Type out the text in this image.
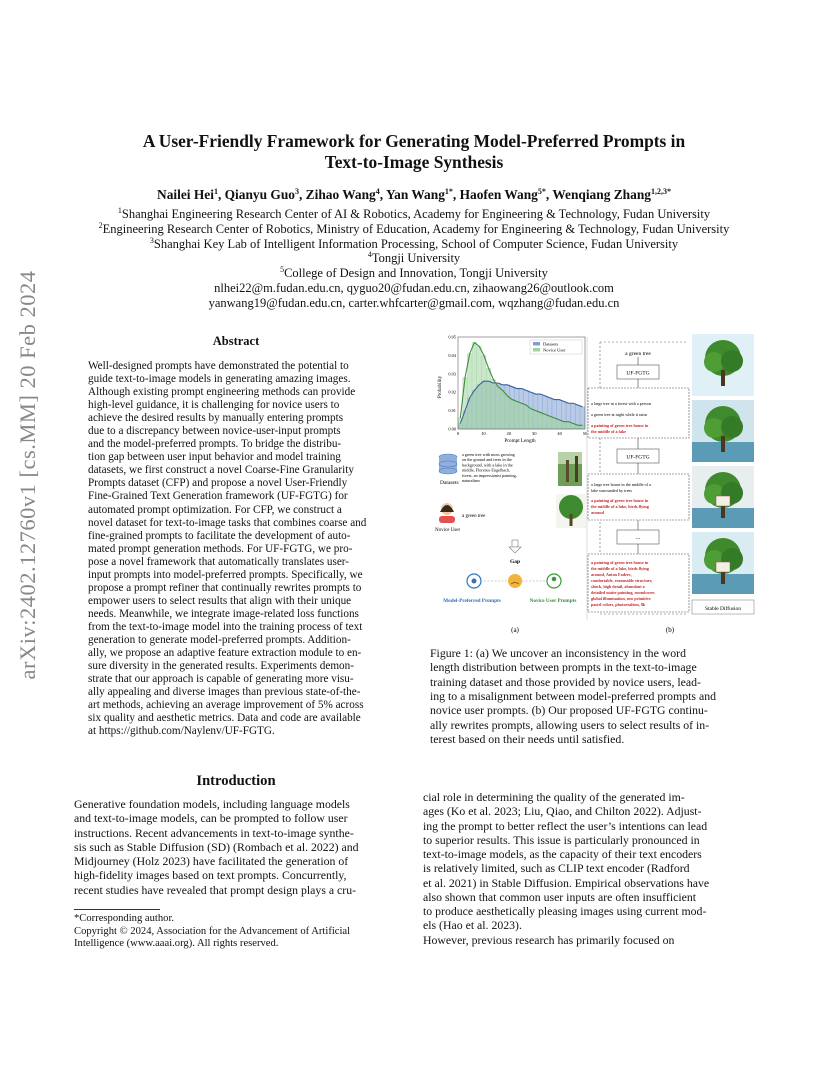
arXiv:2402.12760v1 [cs.MM] 20 Feb 2024
A User-Friendly Framework for Generating Model-Preferred Prompts in
Text-to-Image Synthesis
Nailei Hei$^1$, Qianyu Guo$^3$, Zihao Wang$^4$, Yan Wang$^{1*}$, Haofen Wang$^{5*}$, Wenqiang Zhang$^{1,2,3*}$
$^1$Shanghai Engineering Research Center of AI & Robotics, Academy for Engineering & Technology, Fudan University
$^2$Engineering Research Center of Robotics, Ministry of Education, Academy for Engineering & Technology, Fudan University
$^3$Shanghai Key Lab of Intelligent Information Processing, School of Computer Science, Fudan University
$^4$Tongji University
$^5$College of Design and Innovation, Tongji University
nlhei22@m.fudan.edu.cn, qyguo20@fudan.edu.cn, zihaowang26@outlook.com
yanwang19@fudan.edu.cn, carter.whfcarter@gmail.com, wqzhang@fudan.edu.cn
Abstract
Well-designed prompts have demonstrated the potential to
guide text-to-image models in generating amazing images.
Although existing prompt engineering methods can provide
high-level guidance, it is challenging for novice users to
achieve the desired results by manually entering prompts
due to a discrepancy between novice-user-input prompts
and the model-preferred prompts. To bridge the distribu-
tion gap between user input behavior and model training
datasets, we first construct a novel Coarse-Fine Granularity
Prompts dataset (CFP) and propose a novel User-Friendly
Fine-Grained Text Generation framework (UF-FGTG) for
automated prompt optimization. For CFP, we construct a
novel dataset for text-to-image tasks that combines coarse and
fine-grained prompts to facilitate the development of auto-
mated prompt generation methods. For UF-FGTG, we pro-
pose a novel framework that automatically translates user-
input prompts into model-preferred prompts. Specifically, we
propose a prompt refiner that continually rewrites prompts to
empower users to select results that align with their unique
needs. Meanwhile, we integrate image-related loss functions
from the text-to-image model into the training process of text
generation to generate model-preferred prompts. Addition-
ally, we propose an adaptive feature extraction module to en-
sure diversity in the generated results. Experiments demon-
strate that our approach is capable of generating more visu-
ally appealing and diverse images than previous state-of-the-
art methods, achieving an average improvement of 5% across
six quality and aesthetic metrics. Data and code are available
at https://github.com/Naylenv/UF-FGTG.
Introduction
Generative foundation models, including language models
and text-to-image models, can be prompted to follow user
instructions. Recent advancements in text-to-image synthe-
sis such as Stable Diffusion (SD) (Rombach et al. 2022) and
Midjourney (Holz 2023) have facilitated the generation of
high-fidelity images based on text prompts. Concurrently,
recent studies have revealed that prompt design plays a cru-
cial role in determining the quality of the generated im-
ages (Ko et al. 2023; Liu, Qiao, and Chilton 2022). Adjust-
ing the prompt to better reflect the user’s intentions can lead
to superior results. This issue is particularly pronounced in
text-to-image models, as the capacity of their text encoders
is relatively limited, such as CLIP text encoder (Radford
et al. 2021) in Stable Diffusion. Empirical observations have
also shown that common user inputs are often insufficient
to produce aesthetically pleasing images using current mod-
els (Hao et al. 2023).
However, previous research has primarily focused on
*Corresponding author.
Copyright © 2024, Association for the Advancement of Artificial
Intelligence (www.aaai.org). All rights reserved.
Probability
Prompt Length
0	10	20	30	40	50
0.00
0.01
0.02
0.03
0.04
0.05
Datasets
Novice User
Datasets
a green tree with moss growing
on the ground and trees in the
background, with a lake in the
middle, Florence Engelbach,
forest, an impressionist painting,
naturalism
Novice User
a green tree
Gap
Model-Preferred Prompts	Novice User Prompts
(a)
a green tree
UF-FGTG
a large tree in a forest with a person
a green tree at night while it rains
a painting of green tree house in
the middle of a lake
UF-FGTG
a large tree house in the middle of a
lake surrounded by trees
a painting of green tree house in
the middle of a lake, birds flying
around
...
a painting of green tree house in
the middle of a lake, birds flying
around, Anton Fadeev,
comfortable, reasonable structure,
shock, high detail, abundant a
detailed matte painting, roundcores
global illumination, neo primitive
pastel colors, photorealism, 8k
Stable Diffusion
(b)
Figure 1: (a) We uncover an inconsistency in the word
length distribution between prompts in the text-to-image
training dataset and those provided by novice users, lead-
ing to a misalignment between model-preferred prompts and
novice user prompts. (b) Our proposed UF-FGTG continu-
ally rewrites prompts, allowing users to select results of in-
terest based on their needs until satisfied.
